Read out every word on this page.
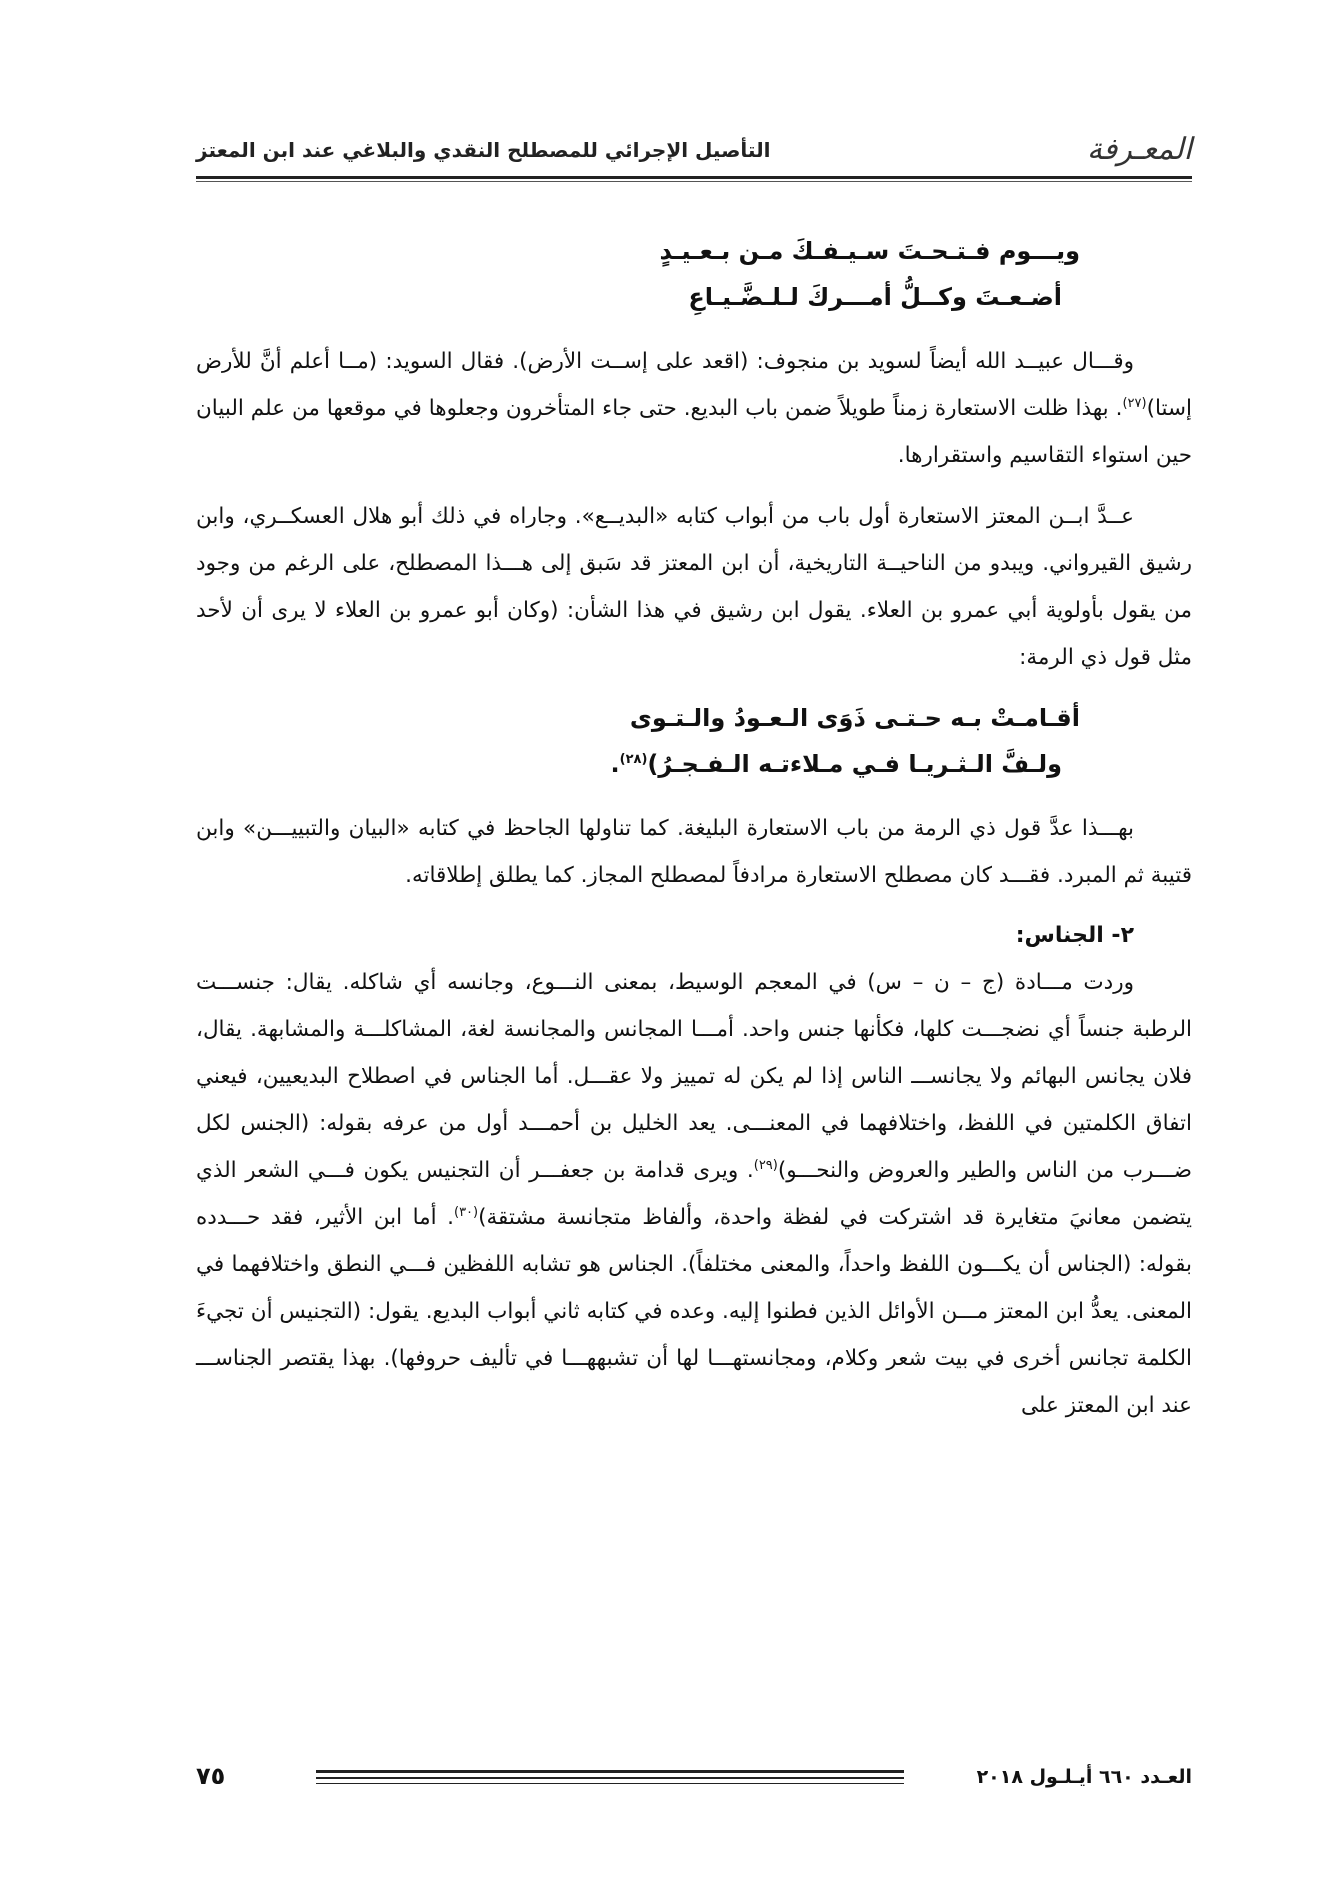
المعـرفة
التأصيل الإجرائي للمصطلح النقدي والبلاغي عند ابن المعتز
ويـــوم فـتـحـتَ سـيـفـكَ مـن بـعـيـدٍ
أضـعـتَ وكــلُّ أمـــركَ لـلـضَّـيـاعِ

وقـــال عبيــد الله أيضاً لسويد بن منجوف: (اقعد على إســت الأرض). فقال السويد: (مــا أعلم أنَّ للأرض إستا)$^{(٢٧)}$. بهذا ظلت الاستعارة زمناً طويلاً ضمن باب البديع. حتى جاء المتأخرون وجعلوها في موقعها من علم البيان حين استواء التقاسيم واستقرارها.

عــدَّ ابــن المعتز الاستعارة أول باب من أبواب كتابه «البديــع». وجاراه في ذلك أبو هلال العسكــري، وابن رشيق القيرواني. ويبدو من الناحيــة التاريخية، أن ابن المعتز قد سَبق إلى هـــذا المصطلح، على الرغم من وجود من يقول بأولوية أبي عمرو بن العلاء. يقول ابن رشيق في هذا الشأن: (وكان أبو عمرو بن العلاء لا يرى أن لأحد مثل قول ذي الرمة:

أقـامـتْ بـه حـتـى ذَوَى الـعـودُ والـتـوى
ولـفَّ الـثـريـا فـي مـلاءتـه الـفـجـرُ)$^{(٢٨)}$.

بهـــذا عدَّ قول ذي الرمة من باب الاستعارة البليغة. كما تناولها الجاحظ في كتابه «البيان والتبييـــن» وابن قتيبة ثم المبرد. فقـــد كان مصطلح الاستعارة مرادفاً لمصطلح المجاز. كما يطلق إطلاقاته.

٢- الجناس:

وردت مـــادة (ج – ن – س) في المعجم الوسيط، بمعنى النـــوع، وجانسه أي شاكله. يقال: جنســـت الرطبة جنساً أي نضجـــت كلها، فكأنها جنس واحد. أمـــا المجانس والمجانسة لغة، المشاكلـــة والمشابهة. يقال، فلان يجانس البهائم ولا يجانســـ الناس إذا لم يكن له تمييز ولا عقـــل. أما الجناس في اصطلاح البديعيين، فيعني اتفاق الكلمتين في اللفظ، واختلافهما في المعنـــى. يعد الخليل بن أحمـــد أول من عرفه بقوله: (الجنس لكل ضـــرب من الناس والطير والعروض والنحـــو)$^{(٢٩)}$. ويرى قدامة بن جعفـــر أن التجنيس يكون فـــي الشعر الذي يتضمن معانيَ متغايرة قد اشتركت في لفظة واحدة، وألفاظ متجانسة مشتقة)$^{(٣٠)}$. أما ابن الأثير، فقد حـــدده بقوله: (الجناس أن يكـــون اللفظ واحداً، والمعنى مختلفاً). الجناس هو تشابه اللفظين فـــي النطق واختلافهما في المعنى. يعدُّ ابن المعتز مـــن الأوائل الذين فطنوا إليه. وعده في كتابه ثاني أبواب البديع. يقول: (التجنيس أن تجيءَ الكلمة تجانس أخرى في بيت شعر وكلام، ومجانستهـــا لها أن تشبههـــا في تأليف حروفها). بهذا يقتصر الجناســـ عند ابن المعتز على

العـدد ٦٦٠ أيـلـول ٢٠١٨
٧٥
